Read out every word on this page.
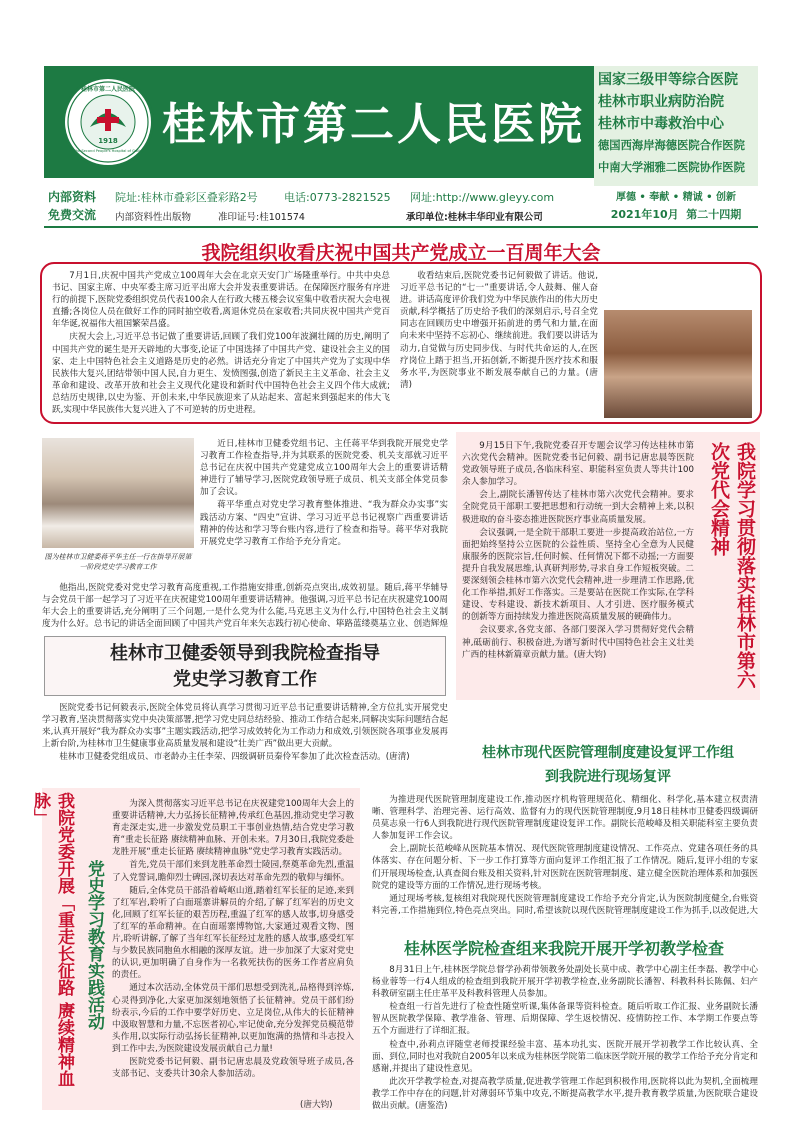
桂林市第二人民医院
1918
The Second People's Hospital of Guilin
桂林市第二人民医院
国家三级甲等综合医院
桂林市职业病防治院
桂林市中毒救治中心
德国西海岸海德医院合作医院
中南大学湘雅二医院协作医院
厚德 • 奉献 • 精诚 • 创新
2021年10月  第二十四期
内部资料
免费交流
院址:桂林市叠彩区叠彩路2号 电话:0773-2821525 网址:http://www.gleyy.com
内部资料性出版物	准印证号:桂101574	承印单位:桂林丰华印业有限公司
我院组织收看庆祝中国共产党成立一百周年大会

7月1日,庆祝中国共产党成立100周年大会在北京天安门广场隆重举行。中共中央总书记、国家主席、中央军委主席习近平出席大会并发表重要讲话。在保障医疗服务有序进行的前提下,医院党委组织党员代表100余人在行政大楼五楼会议室集中收看庆祝大会电视直播;各岗位人员在做好工作的同时抽空收看,离退休党员在家收看;共同庆祝中国共产党百年华诞,祝福伟大祖国繁荣昌盛。

庆祝大会上,习近平总书记做了重要讲话,回顾了我们党100年波澜壮阔的历史,阐明了中国共产党的诞生是开天辟地的大事变,论证了中国选择了中国共产党、建设社会主义的国家、走上中国特色社会主义道路是历史的必然。讲话充分肯定了中国共产党为了实现中华民族伟大复兴,团结带领中国人民,自力更生、发愤图强,创造了新民主主义革命、社会主义革命和建设、改革开放和社会主义现代化建设和新时代中国特色社会主义四个伟大成就;总结历史规律,以史为鉴、开创未来,中华民族迎来了从站起来、富起来到强起来的伟大飞跃,实现中华民族伟大复兴进入了不可逆转的历史进程。

收看结束后,医院党委书记何毅做了讲话。他说,习近平总书记的“七一”重要讲话,令人鼓舞、催人奋进。讲话高度评价我们党为中华民族作出的伟大历史贡献,科学概括了历史给予我们的深刻启示,号召全党同志在回顾历史中增强开拓前进的勇气和力量,在面向未来中坚持不忘初心、继续前进。我们要以讲话为动力,自觉做与历史同步伐、与时代共命运的人,在医疗岗位上踏于担当,开拓创新,不断提升医疗技术和服务水平,为医院事业不断发展奉献自己的力量。(唐清)

图为桂林市卫健委蒋平华主任一行在指导开展第一阶段党史学习教育工作

近日,桂林市卫健委党组书记、主任蒋平华到我院开展党史学习教育工作检查指导,并为其联系的医院党委、机关支部就习近平总书记在庆祝中国共产党建党成立100周年大会上的重要讲话精神进行了辅导学习,医院党政领导班子成员、机关支部全体党员参加了会议。

蒋平华重点对党史学习教育整体推进、“我为群众办实事”实践活动方案、“四史”宣讲、学习习近平总书记视察广西重要讲话精神的传达和学习等台账内容,进行了检查和指导。蒋平华对我院开展党史学习教育工作给予充分肯定。

他指出,医院党委对党史学习教育高度重视,工作措施安排重,创新亮点突出,成效初显。随后,蒋平华辅导与会党员干部一起学习了习近平在庆祝建党100周年重要讲话精神。他强调,习近平总书记在庆祝建党100周年大会上的重要讲话,充分阐明了三个问题,一是什么党为什么能,马克思主义为什么行,中国特色社会主义制度为什么好。总书记的讲话全面回顾了中国共产党百年来矢志践行初心使命、筚路蓝缕奠基立业、创造辉煌

桂林市卫健委领导到我院检查指导
党史学习教育工作

医院党委书记何毅表示,医院全体党员将认真学习贯彻习近平总书记重要讲话精神,全方位扎实开展党史学习教育,坚决贯彻落实党中央决策部署,把学习党史同总结经验、推动工作结合起来,同解决实际问题结合起来,认真开展好“我为群众办实事”主题实践活动,把学习成效转化为工作动力和成效,引领医院各项事业发展再上新台阶,为桂林市卫生健康事业高质量发展和建设“壮美广西”做出更大贡献。

桂林市卫健委党组成员、市老龄办主任李荣、四级调研员秦伶军参加了此次检查活动。(唐清)

9月15日下午,我院党委召开专题会议学习传达桂林市第六次党代会精神。医院党委书记何毅、副书记唐忠晨等医院党政领导班子成员,各临床科室、职能科室负责人等共计100余人参加学习。

会上,副院长潘智传达了桂林市第六次党代会精神。要求全院党员干部职工要把思想和行动统一到大会精神上来,以积极进取的奋斗姿态推进医院医疗事业高质量发展。

会议强调,一是全院干部职工要进一步提高政治站位,一方面把始终坚持公立医院的公益性质、坚持全心全意为人民健康服务的医院宗旨,任何时候、任何情况下都不动摇;一方面要提升自我发展思维,认真研判形势,寻求自身工作短板突破。二要深刻领会桂林市第六次党代会精神,进一步理清工作思路,优化工作举措,抓好工作落实。三是要站在医院工作实际,在学科建设、专科建设、新技术新项目、人才引进、医疗服务模式的创新等方面持续发力推进医院高质量发展的硬确伟力。

会议要求,各党支部、各部门要深入学习贯彻好党代会精神,砥砺前行、积极奋进,为谱写新时代中国特色社会主义壮美广西的桂林新篇章贡献力量。(唐大钧)	我院学习贯彻落实桂林市第六次党代会精神
桂林市现代医院管理制度建设复评工作组
到我院进行现场复评

为推进现代医院管理制度建设工作,推动医疗机构管理规范化、精细化、科学化,基本建立权责清晰、管理科学、治理完善、运行高效、监督有力的现代医院管理制度,9月18日桂林市卫健委四级调研员莫志泉一行6人到我院进行现代医院管理制度建设复评工作。副院长范峻峰及相关职能科室主要负责人参加复评工作会议。

会上,副院长范峻峰从医院基本情况、现代医院管理制度建设情况、工作亮点、党建各项任务的具体落实、存在问题分析、下一步工作打算等方面向复评工作组汇报了工作情况。随后,复评小组的专家们开展现场检查,认真查阅台账及相关资料,针对医院在医院管理制度、建立健全医院治理体系和加强医院党的建设等方面的工作情况,进行现场考核。

通过现场考核,复核组对我院现代医院管理制度建设工作给予充分肯定,认为医院制度健全,台账资料完善,工作措施到位,特色亮点突出。同时,希望该院以现代医院管理制度建设工作为抓手,以改促进,大

我院党委开展「重走长征路 赓续精神血脉」
党史学习教育实践活动

为深入贯彻落实习近平总书记在庆祝建党100周年大会上的重要讲话精神,大力弘扬长征精神,传承红色基因,推动党史学习教育走深走实,进一步激发党员职工干事创业热情,结合党史学习教育“重走长征路 赓续精神血脉、开创未来。7月30日,我院党委赴龙胜开展“重走长征路 赓续精神血脉”党史学习教育实践活动。

首先,党员干部们来到龙胜革命烈士陵园,祭奠革命先烈,重温了入党誓词,瞻仰烈士碑园,深切表达对革命先烈的敬仰与缅怀。

随后,全体党员干部沿着崎岖山道,踏着红军长征的足迹,来到了红军岩,聆听了白面瑶寨讲解员的介绍,了解了红军岩的历史文化,回顾了红军长征的艰苦历程,重温了红军的感人故事,切身感受了红军的革命精神。在白面瑶寨博物馆,大家通过观看文物、图片,聆听讲解,了解了当年红军长征经过龙胜的感人故事,感受红军与少数民族同胞鱼水相融的深厚友谊。进一步加深了大家对党史的认识,更加明确了自身作为一名救死扶伤的医务工作者应肩负的责任。

通过本次活动,全体党员干部们思想受到洗礼,品格得到淬炼,心灵得到净化,大家更加深刻地领悟了长征精神。党员干部们纷纷表示,今后的工作中要学好历史、立足岗位,从伟大的长征精神中汲取智慧和力量,不忘医者初心,牢记使命,充分发挥党员模范带头作用,以实际行动弘扬长征精神,以更加饱满的热情和斗志投入到工作中去,为医院建设发展贡献自己力量!

医院党委书记何毅、副书记唐忠晨及党政领导班子成员,各支部书记、支委共计30余人参加活动。

(唐大钧)
桂林医学院检查组来我院开展开学初教学检查

8月31日上午,桂林医学院总督学孙莉带领教务处副处长莫中成、教学中心副主任李磊、教学中心杨业蓉等一行4人组成的检查组到我院开展开学初教学检查,业务副院长潘智、科教科科长陈佩、妇产科教研室副主任庄革平及科教科管理人员参加。

检查组一行首先进行了检查性随堂听课,集体备课等资料检查。随后听取工作汇报、业务副院长潘智从医院教学保障、教学准备、管理、后期保障、学生返校情况、疫情防控工作、本学期工作要点等五个方面进行了详细汇报。

检查中,孙莉点评随堂老师授课经验丰富、基本功扎实、医院开展开学初教学工作比较认真、全面、到位,同时也对我院自2005年以来成为桂林医学院第二临床医学院开展的教学工作给予充分肯定和感谢,并提出了建设性意见。

此次开学教学检查,对提高教学质量,促进教学管理工作起到积极作用,医院将以此为契机,全面梳理教学工作中存在的问题,针对薄弱环节集中攻克,不断提高教学水平,提升教育教学质量,为医院联合建设做出贡献。(唐鉴浩)
